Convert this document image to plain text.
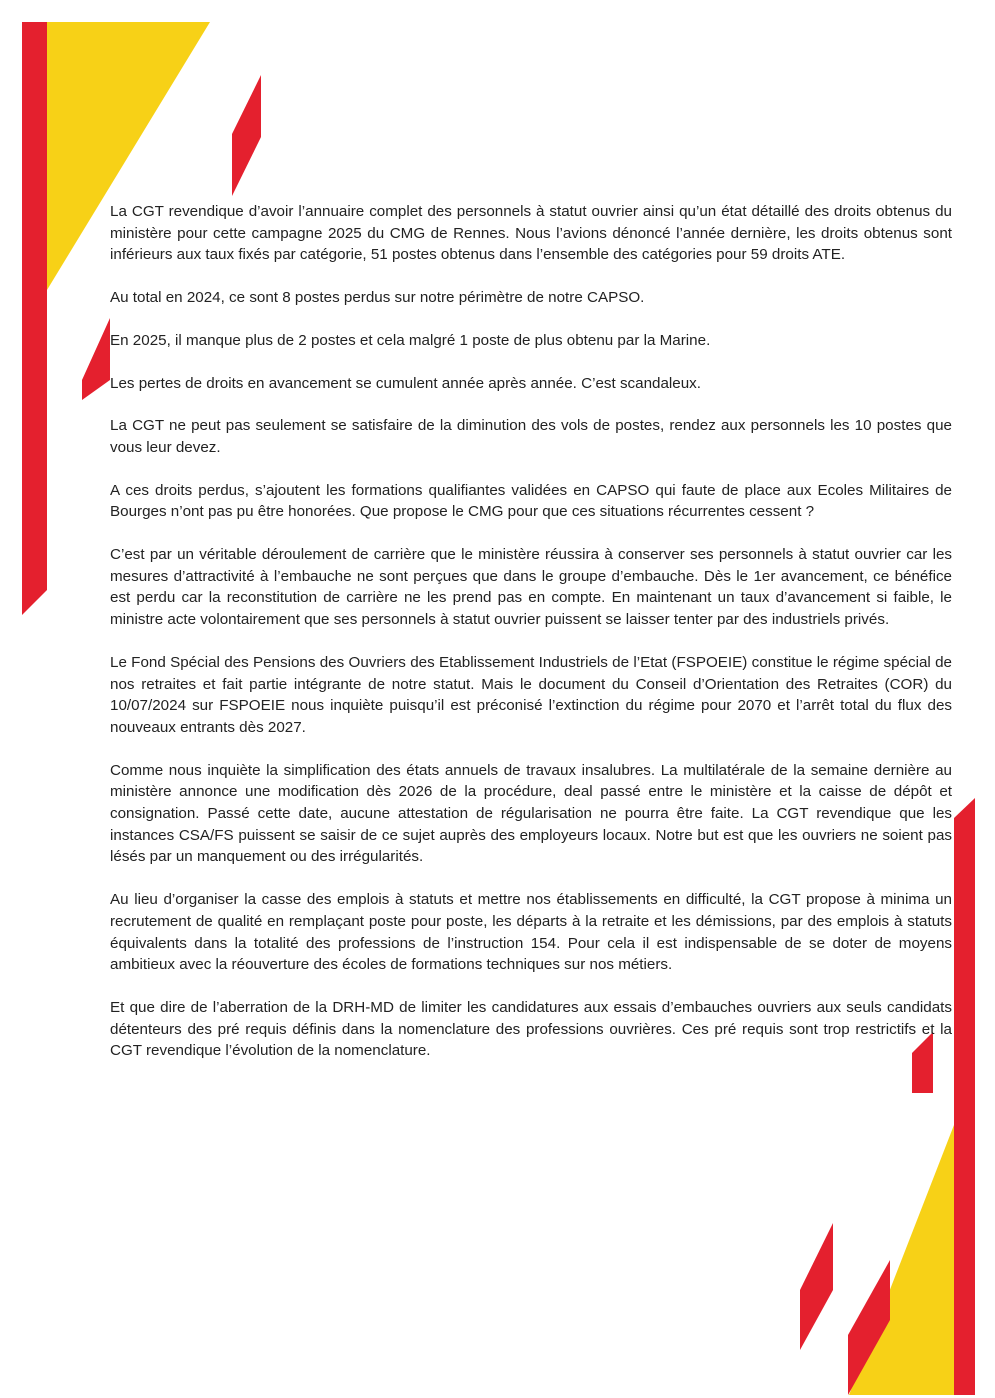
La CGT revendique d’avoir l’annuaire complet des personnels à statut ouvrier ainsi qu’un état détaillé des droits obtenus du ministère pour cette campagne 2025 du CMG de Rennes. Nous l’avions dénoncé l’année dernière, les droits obtenus sont inférieurs aux taux fixés par catégorie, 51 postes obtenus dans l’ensemble des catégories pour 59 droits ATE.

Au total en 2024, ce sont 8 postes perdus sur notre périmètre de notre CAPSO.

En 2025, il manque plus de 2 postes et cela malgré 1 poste de plus obtenu par la Marine.

Les pertes de droits en avancement se cumulent année après année. C’est scandaleux.

La CGT ne peut pas seulement se satisfaire de la diminution des vols de postes, rendez aux personnels les 10 postes que vous leur devez.

A ces droits perdus, s’ajoutent les formations qualifiantes validées en CAPSO qui faute de place aux Ecoles Militaires de Bourges n’ont pas pu être honorées. Que propose le CMG pour que ces situations récurrentes cessent ?

C’est par un véritable déroulement de carrière que le ministère réussira à conserver ses personnels à statut ouvrier car les mesures d’attractivité à l’embauche ne sont perçues que dans le groupe d’embauche. Dès le 1er avancement, ce bénéfice est perdu car la reconstitution de carrière ne les prend pas en compte. En maintenant un taux d’avancement si faible, le ministre acte volontairement que ses personnels à statut ouvrier puissent se laisser tenter par des industriels privés.

Le Fond Spécial des Pensions des Ouvriers des Etablissement Industriels de l’Etat (FSPOEIE) constitue le régime spécial de nos retraites et fait partie intégrante de notre statut. Mais le document du Conseil d’Orientation des Retraites (COR) du 10/07/2024 sur FSPOEIE nous inquiète puisqu’il est préconisé l’extinction du régime pour 2070 et l’arrêt total du flux des nouveaux entrants dès 2027.

Comme nous inquiète la simplification des états annuels de travaux insalubres. La multilatérale de la semaine dernière au ministère annonce une modification dès 2026 de la procédure, deal passé entre le ministère et la caisse de dépôt et consignation. Passé cette date, aucune attestation de régularisation ne pourra être faite. La CGT revendique que les instances CSA/FS puissent se saisir de ce sujet auprès des employeurs locaux. Notre but est que les ouvriers ne soient pas lésés par un manquement ou des irrégularités.

Au lieu d’organiser la casse des emplois à statuts et mettre nos établissements en difficulté, la CGT propose à minima un recrutement de qualité en remplaçant poste pour poste, les départs à la retraite et les démissions, par des emplois à statuts équivalents dans la totalité des professions de l’instruction 154. Pour cela il est indispensable de se doter de moyens ambitieux avec la réouverture des écoles de formations techniques sur nos métiers.

Et que dire de l’aberration de la DRH-MD de limiter les candidatures aux essais d’embauches ouvriers aux seuls candidats détenteurs des pré requis définis dans la nomenclature des professions ouvrières. Ces pré requis sont trop restrictifs et la CGT revendique l’évolution de la nomenclature.
